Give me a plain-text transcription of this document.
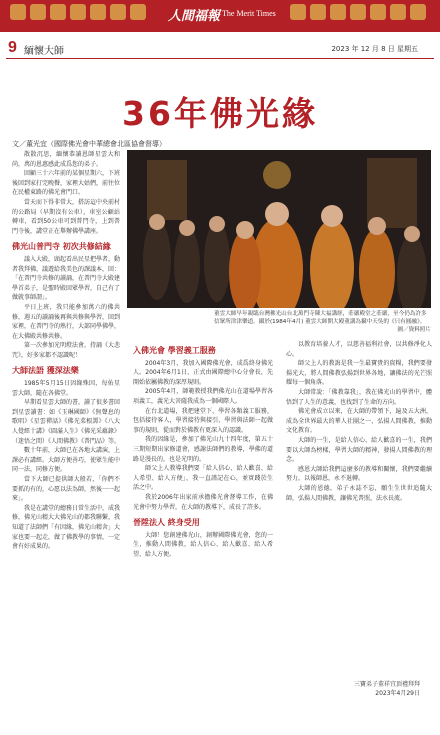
人間福報 The Merit Times
9 緬懷大師	2023 年 12 月 8 日 星期五
36年佛光緣
文／董光宜（國際佛光會中華總會北區協會督導）
董雲大師早年親臨台灣佛光山台北萬門寺陳大福講經，莊嚴殿堂之莊嚴，至今仍為許多信眾所津津樂道。攝於(1984年4月) 董雲大師開大殿董講為攝中天吳的《只有圓融》。
圖／資料照片

散散沉思，緬懷恭讀恩師星雲大和尚，萬的恩惠感此成爲您的弟子。

回顧三十六年前的某個星期六，下班後回到家打完晚餐，家裡大姑們，前往位在民權東路的佛光會門口。

當天而下得非常大，搭訪這中央前村的公路局（早期沒有公車），車室公顧站轉車，看到50公車可到普門寺，上到普門寺後，講堂正在舉辦佛學講座。

佛光山普門寺 初次共修結緣

議入大殿，頭起看出民星把學者，動者我拜佛，議遊給我美色的課議本，回：「在普門寺共修的讀誦，在普門寺大殿建學首弟子，是聖時殿回眾學習，自己有了做就事師謂」。

平日上班，我只能參加萬六的佛共修，週五的讀誦後再與共修與學習，回到家裡，在普門寺的熟行，大部同學佛學，在大佛殿共修共修。

第一次參加光明燈法會，持誦《大悲咒》，好多家都不認識呢！

大師法語 獲深法樂

1985年5月15日因緣殊因，每佑星雲大師，隨在各佛堂。

早期看星雲大師的書，讀了很多書回到星雲讀書：如《玉琳國師》《無聲息的歌唱》《星雲禪話》《佛光菜根譚》《八大人覺經十講》《圓滿人生》《佛光采蘊錄》（迷悟之間）《人間佛教》《普門品》等。

數十年前，大師已在各地大講演，上課必有講經。大師方便善巧，使眾生能中同一法，同修方便。

當下大師已提供師大般若，「你們不要抓的有的，心愿以法為師，然後一一起來」。

我是在講堂的總務日常生活中，成我修，佛光山精大大佛光山的都我聯繫，我知道了法師們「有因緣，佛光山精舍」大家也要一起走，做了佛教學的事情，一定會有好成果的。

入佛光會 學習義工服務

2004年3月，我加入國際佛光會，成爲終身佛光人。2004年6月1日，正式由國際總中心分會長，先開始依屬佛教的深厚規則。

2005年4月，師範教授我們佛光山在道場學習各項義工，義光大菩薩我成為一個國際人。

在台北道場，我把建堂下，學習各類義工服務，包括接待客人，學習接待與接引，學習與法師一起做事的規則，從而對於佛教有更深入的認識。

我的因緣是，參加了佛光山九十四年度，第五十三期短期出家修道會，感謝法師們的教導，學佛的道路是漫長的，也是光明的。

師父上人教導我們要「給人信心、給人歡喜、給人希望、給人方便」，我一直謹記在心，並實踐於生活之中。

我於2006年出家前承擔佛光會督導工作，在佛光會中努力學習，在大師的教導下，成長了許多。

晉陞法人 終身受用

大師！您創建佛光山，創辦國際佛光會，您的一生，推動人間佛教，給人信心、給人歡喜、給人希望、給人方便。

以教育培養人才，以慈善福利社會，以共修淨化人心。

師父上人的教誨是我一生最寶貴的資糧，我們要發揚光大，將人間佛教弘揚到世界各地，讓佛法的光芒照耀每一個角落。

大師常說：「佛教靠我」，我在佛光山的學習中，體悟到了人生的意義，也找到了生命的方向。

佛光會成立以來，在大師的帶領下，遍及五大洲，成為全世界最大的華人社團之一，弘揚人間佛教，推動文化教育。

大師的一生，是給人信心、給人歡喜的一生，我們要以大師為榜樣，學習大師的精神，發揚人間佛教的理念。

感恩大師給我們這麼多的教導和關懷，我們要繼續努力，以報師恩，永不退轉。

大師的恩德，弟子永誌不忘，願生生世世追隨大師，弘揚人間佛教，讓佛光普照，法水長流。

三寶弟子董祥宜頂禮拜拜
2023年4月29日
